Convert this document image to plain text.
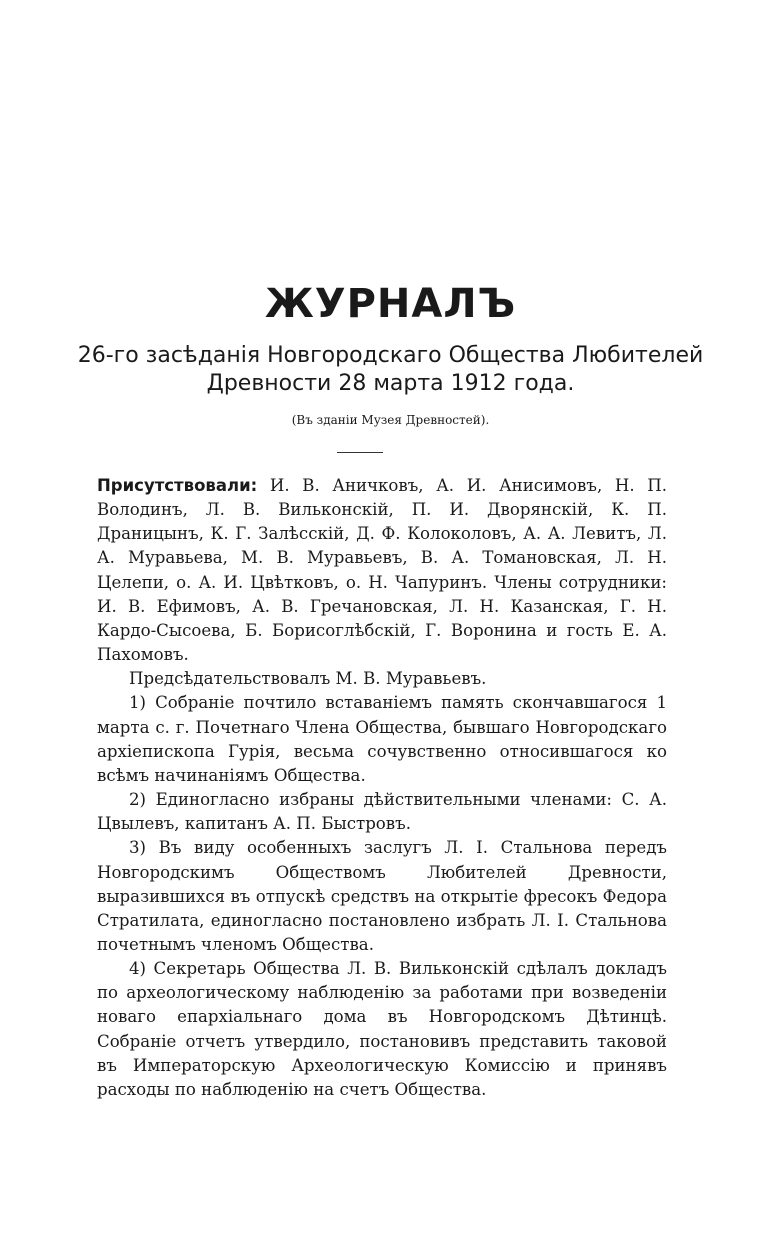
ЖУРНАЛЪ
26-го засѣданія Новгородскаго Общества Любителей Древности 28 марта 1912 года.
(Въ зданіи Музея Древностей).

Присутствовали: И. В. Аничковъ, А. И. Анисимовъ, Н. П. Володинъ, Л. В. Вильконскій, П. И. Дворянскій, К. П. Драницынъ, К. Г. Залѣсскій, Д. Ф. Колоколовъ, А. А. Левитъ, Л. А. Муравьева, М. В. Муравьевъ, В. А. Томановская, Л. Н. Целепи, о. А. И. Цвѣтковъ, о. Н. Чапуринъ. Члены сотрудники: И. В. Ефимовъ, А. В. Гречановская, Л. Н. Казанская, Г. Н. Кардо-Сысоева, Б. Борисоглѣбскій, Г. Воронина и гость Е. А. Пахомовъ.

Предсѣдательствовалъ М. В. Муравьевъ.

1) Собраніе почтило вставаніемъ память скончавшагося 1 марта с. г. Почетнаго Члена Общества, бывшаго Новгородскаго архіепископа Гурія, весьма сочувственно относившагося ко всѣмъ начинаніямъ Общества.

2) Единогласно избраны дѣйствительными членами: С. А. Цвылевъ, капитанъ А. П. Быстровъ.

3) Въ виду особенныхъ заслугъ Л. І. Стальнова передъ Новгородскимъ Обществомъ Любителей Древности, выразившихся въ отпускѣ средствъ на открытіе фресокъ Федора Стратилата, единогласно постановлено избрать Л. І. Стальнова почетнымъ членомъ Общества.

4) Секретарь Общества Л. В. Вильконскій сдѣлалъ докладъ по археологическому наблюденію за работами при возведеніи новаго епархіальнаго дома въ Новгородскомъ Дѣтинцѣ. Собраніе отчетъ утвердило, постановивъ представить таковой въ Императорскую Археологическую Комиссію и принявъ расходы по наблюденію на счетъ Общества.
